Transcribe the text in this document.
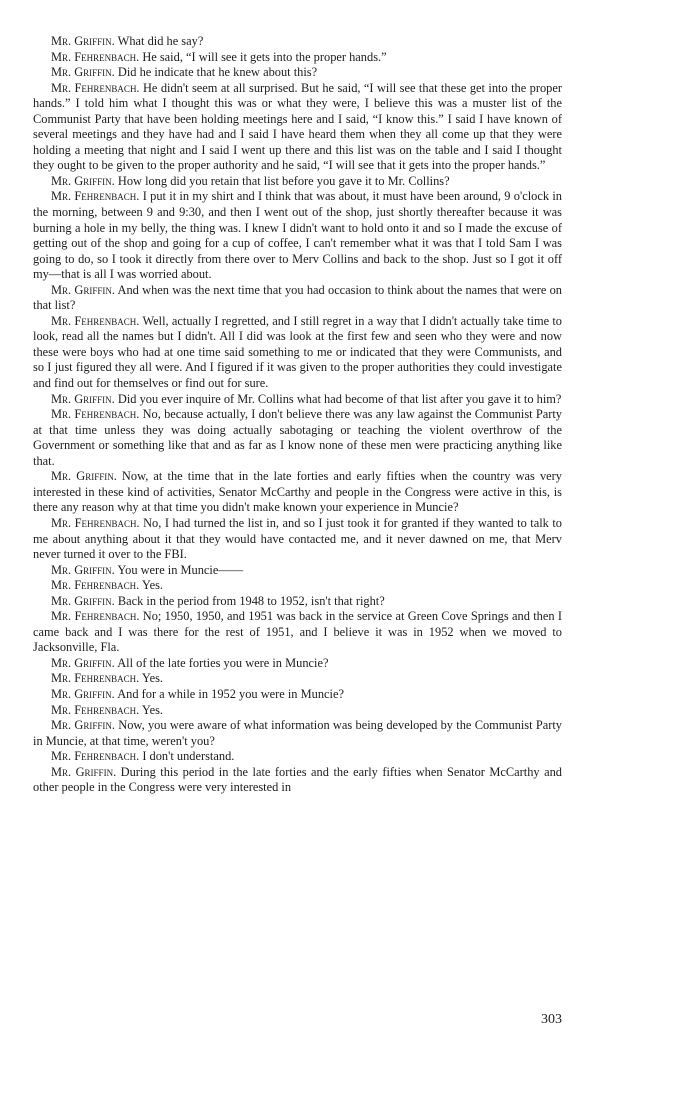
Mr. Griffin. What did he say?

Mr. Fehrenbach. He said, “I will see it gets into the proper hands.”

Mr. Griffin. Did he indicate that he knew about this?

Mr. Fehrenbach. He didn't seem at all surprised. But he said, “I will see that these get into the proper hands.” I told him what I thought this was or what they were, I believe this was a muster list of the Communist Party that have been holding meetings here and I said, “I know this.” I said I have known of several meetings and they have had and I said I have heard them when they all come up that they were holding a meeting that night and I said I went up there and this list was on the table and I said I thought they ought to be given to the proper authority and he said, “I will see that it gets into the proper hands.”

Mr. Griffin. How long did you retain that list before you gave it to Mr. Collins?

Mr. Fehrenbach. I put it in my shirt and I think that was about, it must have been around, 9 o'clock in the morning, between 9 and 9:30, and then I went out of the shop, just shortly thereafter because it was burning a hole in my belly, the thing was. I knew I didn't want to hold onto it and so I made the excuse of getting out of the shop and going for a cup of coffee, I can't remember what it was that I told Sam I was going to do, so I took it directly from there over to Merv Collins and back to the shop. Just so I got it off my—that is all I was worried about.

Mr. Griffin. And when was the next time that you had occasion to think about the names that were on that list?

Mr. Fehrenbach. Well, actually I regretted, and I still regret in a way that I didn't actually take time to look, read all the names but I didn't. All I did was look at the first few and seen who they were and now these were boys who had at one time said something to me or indicated that they were Communists, and so I just figured they all were. And I figured if it was given to the proper authorities they could investigate and find out for themselves or find out for sure.

Mr. Griffin. Did you ever inquire of Mr. Collins what had become of that list after you gave it to him?

Mr. Fehrenbach. No, because actually, I don't believe there was any law against the Communist Party at that time unless they was doing actually sabotaging or teaching the violent overthrow of the Government or something like that and as far as I know none of these men were practicing anything like that.

Mr. Griffin. Now, at the time that in the late forties and early fifties when the country was very interested in these kind of activities, Senator McCarthy and people in the Congress were active in this, is there any reason why at that time you didn't make known your experience in Muncie?

Mr. Fehrenbach. No, I had turned the list in, and so I just took it for granted if they wanted to talk to me about anything about it that they would have contacted me, and it never dawned on me, that Merv never turned it over to the FBI.

Mr. Griffin. You were in Muncie——

Mr. Fehrenbach. Yes.

Mr. Griffin. Back in the period from 1948 to 1952, isn't that right?

Mr. Fehrenbach. No; 1950, 1950, and 1951 was back in the service at Green Cove Springs and then I came back and I was there for the rest of 1951, and I believe it was in 1952 when we moved to Jacksonville, Fla.

Mr. Griffin. All of the late forties you were in Muncie?

Mr. Fehrenbach. Yes.

Mr. Griffin. And for a while in 1952 you were in Muncie?

Mr. Fehrenbach. Yes.

Mr. Griffin. Now, you were aware of what information was being developed by the Communist Party in Muncie, at that time, weren't you?

Mr. Fehrenbach. I don't understand.

Mr. Griffin. During this period in the late forties and the early fifties when Senator McCarthy and other people in the Congress were very interested in

303
